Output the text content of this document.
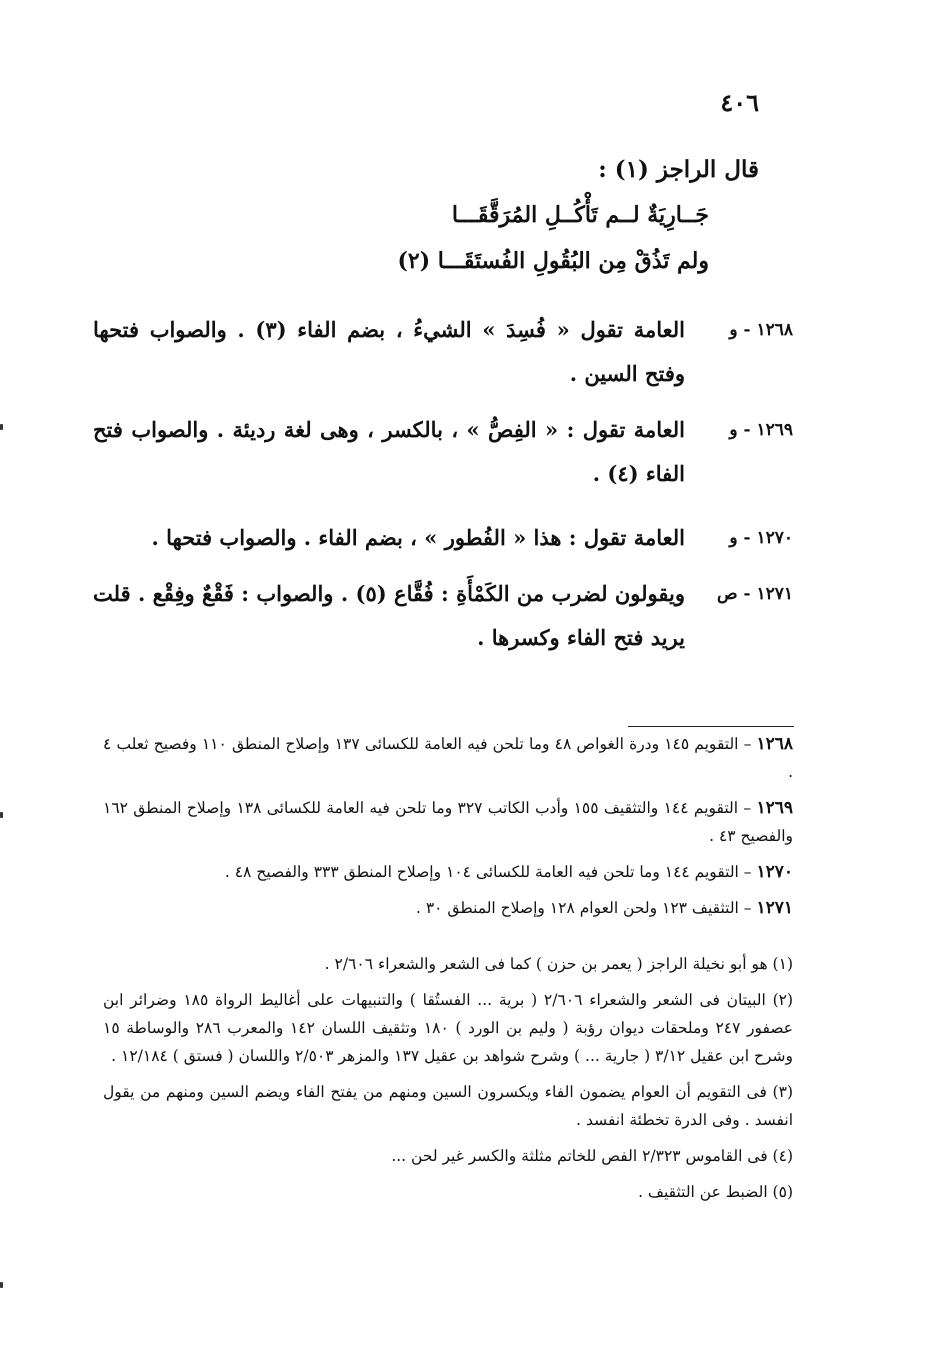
٤٠٦
قال الراجز (١) :
جَــارِيَةٌ لــم تَأْكُــلِ المُرَقَّقَـــا
ولم تَذُقْ مِن البُقُولِ الفُستَقَـــا (٢)
١٢٦٨ - و
العامة تقول « فُسِدَ » الشيءُ ، بضم الفاء (٣) . والصواب فتحها وفتح السين .
١٢٦٩ - و
العامة تقول : « الفِصُّ » ، بالكسر ، وهى لغة رديئة . والصواب فتح الفاء (٤) .
١٢٧٠ - و
العامة تقول : هذا « الفُطور » ، بضم الفاء . والصواب فتحها .
١٢٧١ - ص
ويقولون لضرب من الكَمْأَةِ : فُقَّاع (٥) . والصواب : فَقْعٌ وفِقْع . قلت يريد فتح الفاء وكسرها .
١٢٦٨ – التقويم ١٤٥ ودرة الغواص ٤٨ وما تلحن فيه العامة للكسائى ١٣٧ وإصلاح المنطق ١١٠ وفصيح ثعلب ٤ .
١٢٦٩ – التقويم ١٤٤ والتثقيف ١٥٥ وأدب الكاتب ٣٢٧ وما تلحن فيه العامة للكسائى ١٣٨ وإصلاح المنطق ١٦٢ والفصيح ٤٣ .
١٢٧٠ – التقويم ١٤٤ وما تلحن فيه العامة للكسائى ١٠٤ وإصلاح المنطق ٣٣٣ والفصيح ٤٨ .
١٢٧١ – التثقيف ١٢٣ ولحن العوام ١٢٨ وإصلاح المنطق ٣٠ .
(١) هو أبو نخيلة الراجز ( يعمر بن حزن ) كما فى الشعر والشعراء ٢/٦٠٦ .
(٢) البيتان فى الشعر والشعراء ٢/٦٠٦ ( برية ... الفستُقا ) والتنبيهات على أغاليط الرواة ١٨٥ وضرائر ابن عصفور ٢٤٧ وملحقات ديوان رؤبة ( وليم بن الورد ) ١٨٠ وتثقيف اللسان ١٤٢ والمعرب ٢٨٦ والوساطة ١٥ وشرح ابن عقيل ٣/١٢ ( جارية ... ) وشرح شواهد بن عقيل ١٣٧ والمزهر ٢/٥٠٣ واللسان ( فستق ) ١٢/١٨٤ .
(٣) فى التقويم أن العوام يضمون الفاء ويكسرون السين ومنهم من يفتح الفاء ويضم السين ومنهم من يقول انفسد . وفى الدرة تخطئة انفسد .
(٤) فى القاموس ٢/٣٢٣ الفص للخاتم مثلثة والكسر غير لحن ...
(٥) الضبط عن التثقيف .
